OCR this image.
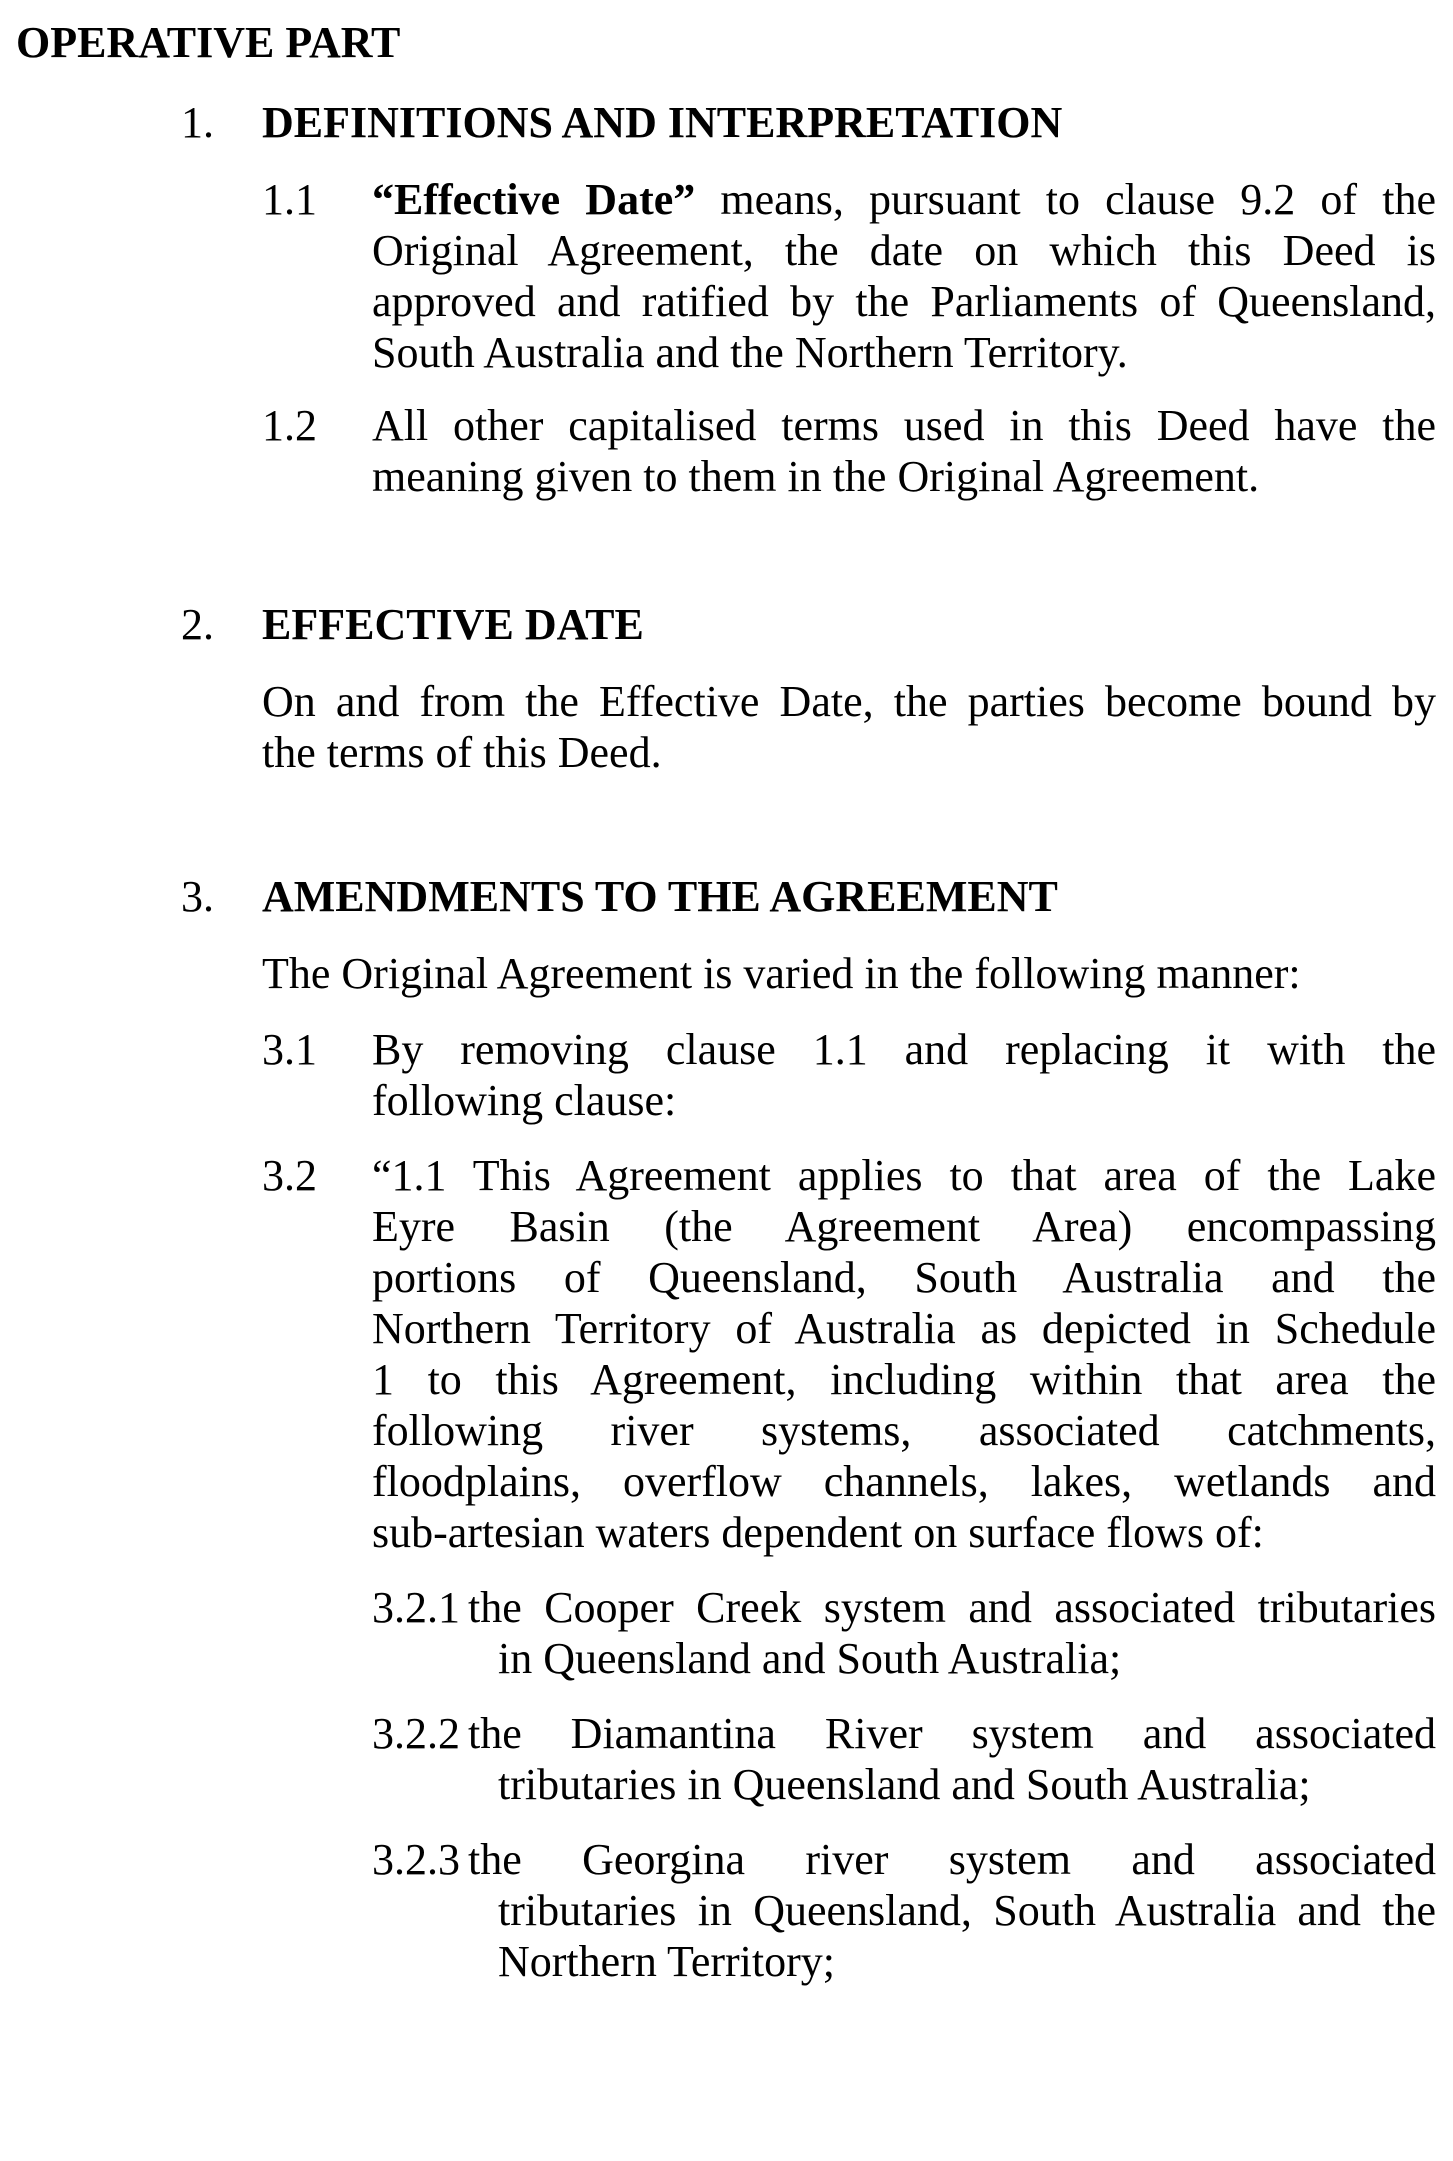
OPERATIVE PART
1. DEFINITIONS AND INTERPRETATION
1.1 “Effective Date” means, pursuant to clause 9.2 of the
Original Agreement, the date on which this Deed is
approved and ratified by the Parliaments of Queensland,
South Australia and the Northern Territory.
1.2 All other capitalised terms used in this Deed have the
meaning given to them in the Original Agreement.
2. EFFECTIVE DATE
On and from the Effective Date, the parties become bound by
the terms of this Deed.
3. AMENDMENTS TO THE AGREEMENT
The Original Agreement is varied in the following manner:
3.1 By removing clause 1.1 and replacing it with the
following clause:
3.2 “1.1 This Agreement applies to that area of the Lake
Eyre Basin (the Agreement Area) encompassing
portions of Queensland, South Australia and the
Northern Territory of Australia as depicted in Schedule
1 to this Agreement, including within that area the
following river systems, associated catchments,
floodplains, overflow channels, lakes, wetlands and
sub-artesian waters dependent on surface flows of:
3.2.1 the Cooper Creek system and associated tributaries
in Queensland and South Australia;
3.2.2 the Diamantina River system and associated
tributaries in Queensland and South Australia;
3.2.3 the Georgina river system and associated
tributaries in Queensland, South Australia and the
Northern Territory;
